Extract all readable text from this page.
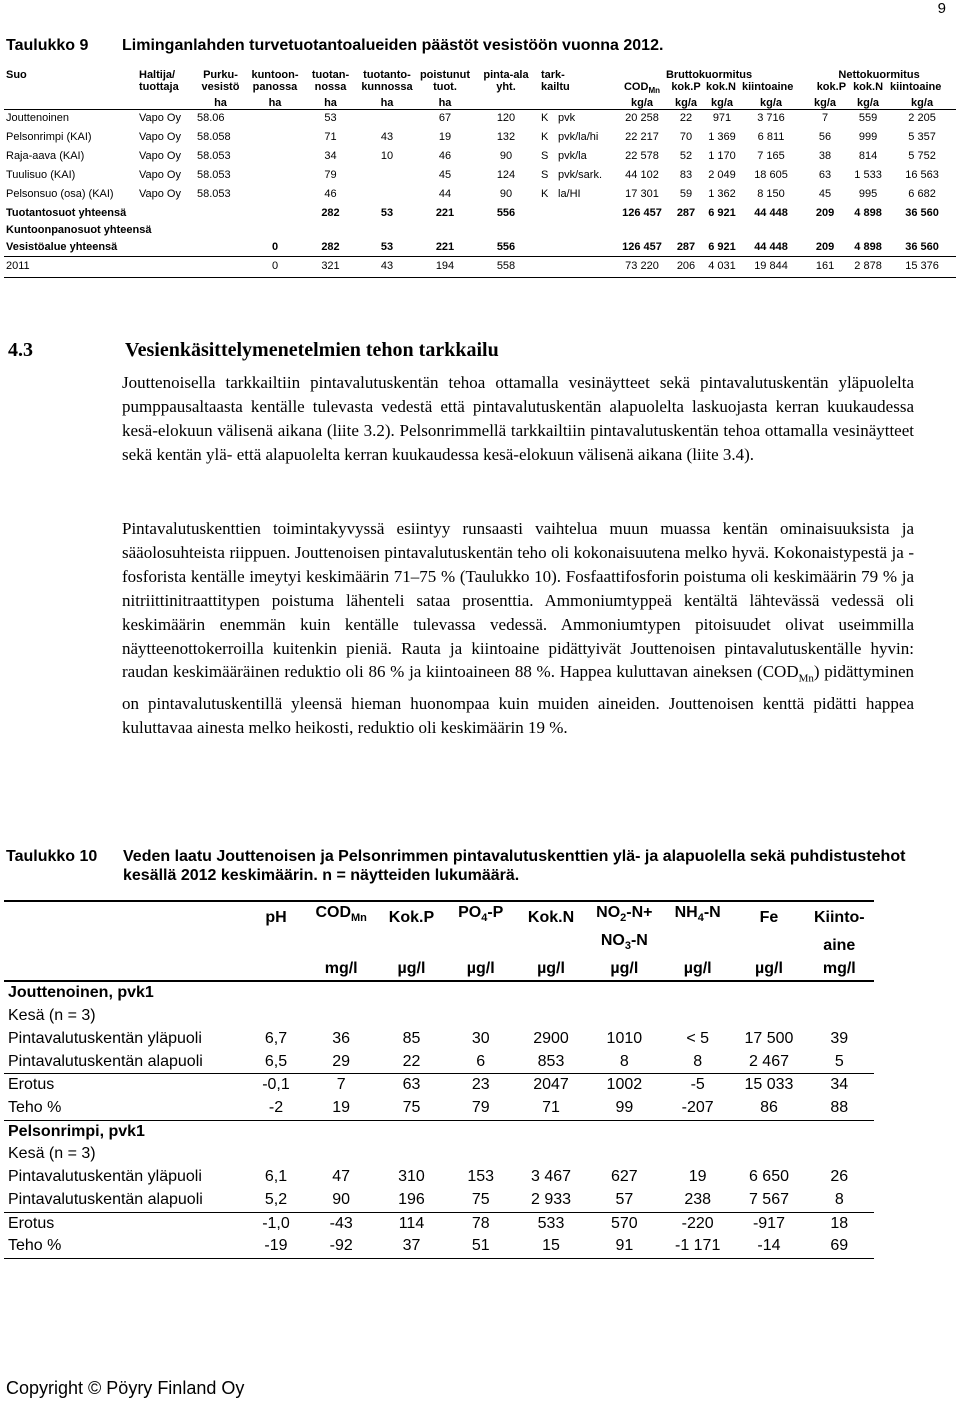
9
Taulukko 9 Liminganlahden turvetuotantoalueiden päästöt vesistöön vuonna 2012.
Suo	Haltija/	Purku-	kuntoon-	tuotan-	tuotanto-	poistunut	pinta-ala	tark-		Bruttokuormitus				Nettokuormitus		
	tuottaja	vesistö	panossa	nossa	kunnossa	tuot.	yht.	kailtu		$COD_{Mn}$	kok.P	kok.N	kiintoaine	kok.P	kok.N	kiintoaine
		ha	ha	ha	ha	ha				kg/a	kg/a	kg/a	kg/a	kg/a	kg/a	kg/a
Jouttenoinen	Vapo Oy	58.06		53		67	120	K	pvk	20 258	22	971	3 716	7	559	2 205
Pelsonrimpi (KAI)	Vapo Oy	58.058		71	43	19	132	K	pvk/la/hi	22 217	70	1 369	6 811	56	999	5 357
Raja-aava (KAI)	Vapo Oy	58.053		34	10	46	90	S	pvk/la	22 578	52	1 170	7 165	38	814	5 752
Tuulisuo (KAI)	Vapo Oy	58.053		79		45	124	S	pvk/sark.	44 102	83	2 049	18 605	63	1 533	16 563
Pelsonsuo (osa) (KAI)	Vapo Oy	58.053		46		44	90	K	la/HI	17 301	59	1 362	8 150	45	995	6 682
Tuotantosuot yhteensä				282	53	221	556			126 457	287	6 921	44 448	209	4 898	36 560
Kuntoonpanosuot yhteensä																
Vesistöalue yhteensä			0	282	53	221	556			126 457	287	6 921	44 448	209	4 898	36 560
2011			0	321	43	194	558			73 220	206	4 031	19 844	161	2 878	15 376
4.3	Vesienkäsittelymenetelmien tehon tarkkailu

Jouttenoisella tarkkailtiin pintavalutuskentän tehoa ottamalla vesinäytteet sekä pintavalutuskentän yläpuolelta pumppausaltaasta kentälle tulevasta vedestä että pintavalutuskentän alapuolelta laskuojasta kerran kuukaudessa kesä-elokuun välisenä aikana (liite 3.2). Pelsonrimmellä tarkkailtiin pintavalutuskentän tehoa ottamalla vesinäytteet sekä kentän ylä- että alapuolelta kerran kuukaudessa kesä-elokuun välisenä aikana (liite 3.4).

Pintavalutuskenttien toimintakyvyssä esiintyy runsaasti vaihtelua muun muassa kentän ominaisuuksista ja sääolosuhteista riippuen. Jouttenoisen pintavalutuskentän teho oli kokonaisuutena melko hyvä. Kokonaistypestä ja -fosforista kentälle imeytyi keskimäärin 71–75 % (Taulukko 10). Fosfaattifosforin poistuma oli keskimäärin 79 % ja nitriittinitraattitypen poistuma lähenteli sataa prosenttia. Ammoniumtyppeä kentältä lähtevässä vedessä oli keskimäärin enemmän kuin kentälle tulevassa vedessä. Ammoniumtypen pitoisuudet olivat useimmilla näytteenottokerroilla kuitenkin pieniä. Rauta ja kiintoaine pidättyivät Jouttenoisen pintavalutuskentälle hyvin: raudan keskimääräinen reduktio oli 86 % ja kiintoaineen 88 %. Happea kuluttavan aineksen $(COD_{Mn})$ pidättyminen on pintavalutuskentillä yleensä hieman huonompaa kuin muiden aineiden. Jouttenoisen kenttä pidätti happea kuluttavaa ainesta melko heikosti, reduktio oli keskimäärin 19 %.

Taulukko 10	Veden laatu Jouttenoisen ja Pelsonrimmen pintavalutuskenttien ylä- ja alapuolella sekä puhdistustehot kesällä 2012 keskimäärin. n = näytteiden lukumäärä.
	pH	$COD_{Mn}$	Kok.P	$PO_4-P$	Kok.N	$NO_2-N+$	$NH_4-N$	Fe	Kiinto-
						$NO_3-N$			aine
		mg/l	µg/l	µg/l	µg/l	µg/l	µg/l	µg/l	mg/l
Jouttenoinen, pvk1									
Kesä (n = 3)									
Pintavalutuskentän yläpuoli	6,7	36	85	30	2900	1010	< 5	17 500	39
Pintavalutuskentän alapuoli	6,5	29	22	6	853	8	8	2 467	5
Erotus	-0,1	7	63	23	2047	1002	-5	15 033	34
Teho %	-2	19	75	79	71	99	-207	86	88
Pelsonrimpi, pvk1									
Kesä (n = 3)									
Pintavalutuskentän yläpuoli	6,1	47	310	153	3 467	627	19	6 650	26
Pintavalutuskentän alapuoli	5,2	90	196	75	2 933	57	238	7 567	8
Erotus	-1,0	-43	114	78	533	570	-220	-917	18
Teho %	-19	-92	37	51	15	91	-1 171	-14	69
Copyright © Pöyry Finland Oy
